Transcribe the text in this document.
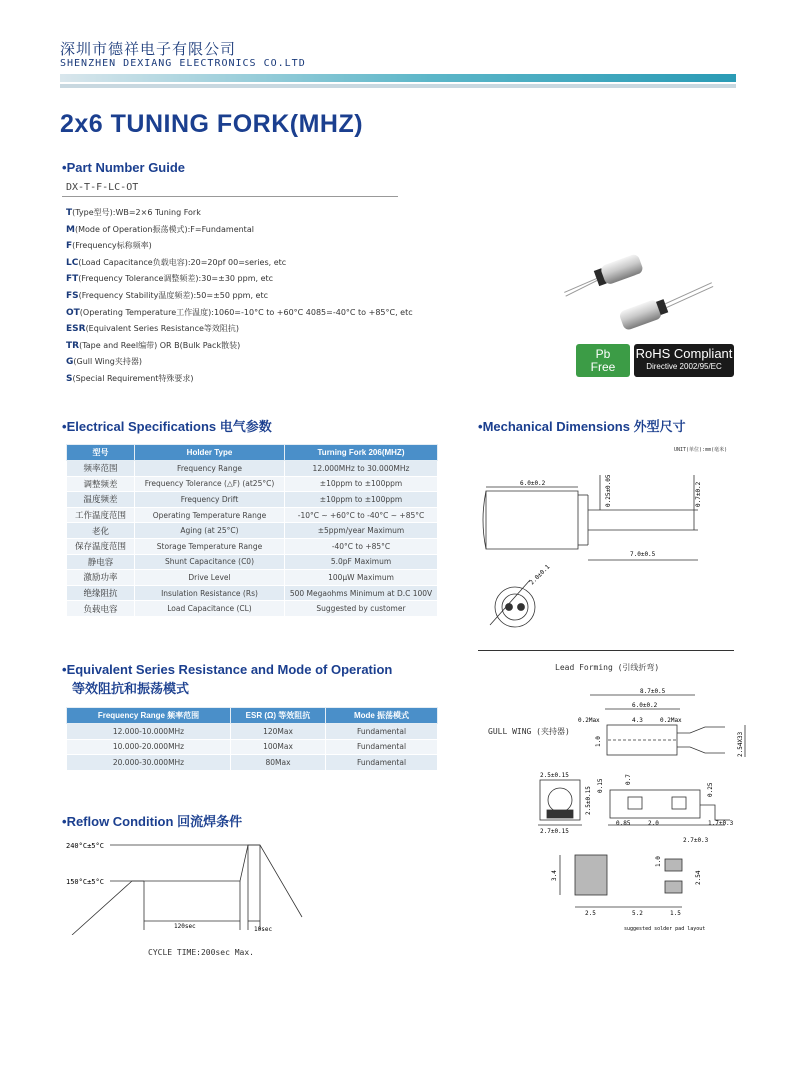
深圳市德祥电子有限公司
SHENZHEN DEXIANG ELECTRONICS CO.LTD
2x6 TUNING FORK(MHZ)
•Part Number Guide
DX-T-F-LC-OT
T(Type型号):WB=2×6 Tuning Fork
M(Mode of Operation振荡模式):F=Fundamental
F(Frequency标称频率)
LC(Load Capacitance负载电容):20=20pf 00=series, etc
FT(Frequency Tolerance调整频差):30=±30 ppm, etc
FS(Frequency Stability温度频差):50=±50 ppm, etc
OT(Operating Temperature工作温度):1060=-10°C to +60°C 4085=-40°C to +85°C, etc
ESR(Equivalent Series Resistance等效阻抗)
TR(Tape and Reel编带) OR B(Bulk Pack散装)
G(Gull Wing夹持器)
S(Special Requirement特殊要求)
Pb
Free
RoHS Compliant
Directive 2002/95/EC
•Electrical Specifications 电气参数
型号	Holder Type	Turning Fork 206(MHZ)
频率范围	Frequency Range	12.000MHz to 30.000MHz
调整频差	Frequency Tolerance (△F) (at25°C)	±10ppm to ±100ppm
温度频差	Frequency Drift	±10ppm to ±100ppm
工作温度范围	Operating Temperature Range	-10°C ~ +60°C to -40°C ~ +85°C
老化	Aging (at 25°C)	±5ppm/year Maximum
保存温度范围	Storage Temperature Range	-40°C to +85°C
静电容	Shunt Capacitance (C0)	5.0pF Maximum
激励功率	Drive Level	100μW Maximum
绝缘阻抗	Insulation Resistance (Rs)	500 Megaohms Minimum at D.C 100V
负载电容	Load Capacitance (CL)	Suggested by customer
•Mechanical Dimensions 外型尺寸
UNIT(单位):mm(毫米)
6.0±0.2	0.25±0.05	0.7±0.2
7.0±0.5
2.0±0.1
Lead Forming (引线折弯)
GULL WING (夹持器)
8.7±0.5
6.0±0.2
0.2Max	4.3	0.2Max
1.0	2.54X33
2.5±0.15
0.15	0.7
0.25
2.5±0.15
0.85	2.0	1.7±0.3
2.7±0.15
2.7±0.3
3.4
1.0
2.54
2.5	5.2	1.5
suggested solder pad layout
•Equivalent Series Resistance and Mode of Operation
等效阻抗和振荡模式
Frequency Range 频率范围	ESR (Ω) 等效阻抗	Mode 振荡模式
12.000-10.000MHz	120Max	Fundamental
10.000-20.000MHz	100Max	Fundamental
20.000-30.000MHz	80Max	Fundamental
•Reflow Condition 回流焊条件
240°C±5°C
150°C±5°C
120sec	10sec
CYCLE TIME:200sec Max.
